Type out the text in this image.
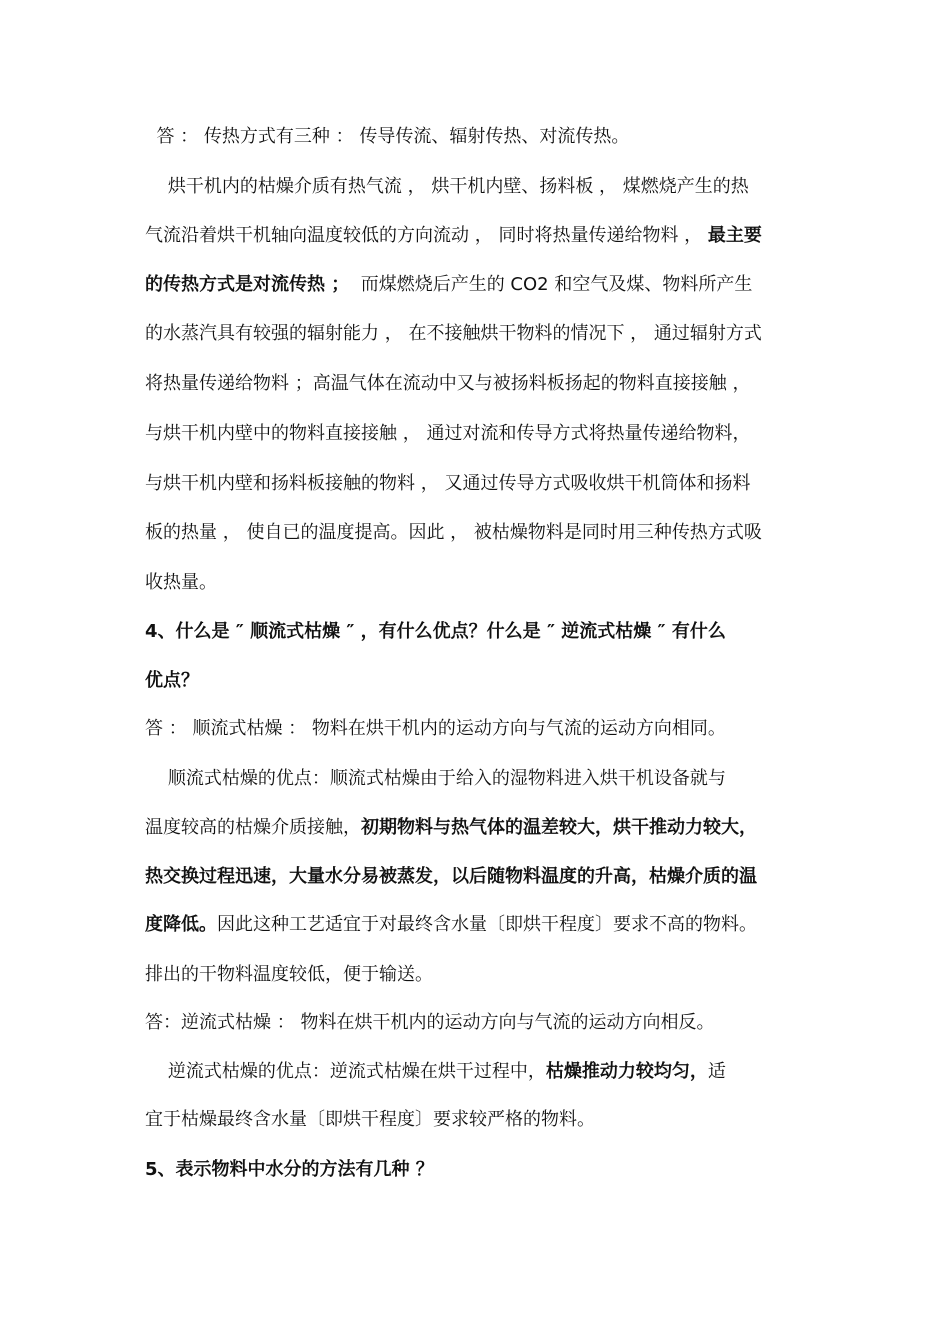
答 ： 传热方式有三种 ： 传导传流、辐射传热、对流传热。
烘干机内的枯燥介质有热气流 ， 烘干机内壁、扬料板 ， 煤燃烧产生的热
气流沿着烘干机轴向温度较低的方向流动 ， 同时将热量传递给物料 ， 最主要
的传热方式是对流传热 ；  而煤燃烧后产生的 CO2 和空气及煤、物料所产生
的水蒸汽具有较强的辐射能力 ， 在不接触烘干物料的情况下 ， 通过辐射方式
将热量传递给物料 ；高温气体在流动中又与被扬料板扬起的物料直接接触 ，
与烘干机内壁中的物料直接接触 ， 通过对流和传导方式将热量传递给物料，
与烘干机内壁和扬料板接触的物料 ， 又通过传导方式吸收烘干机筒体和扬料
板的热量 ， 使自已的温度提高。因此 ， 被枯燥物料是同时用三种传热方式吸
收热量。
4、什么是 ″ 顺流式枯燥 ″ ，有什么优点？什么是 ″ 逆流式枯燥 ″ 有什么
优点？
答 ： 顺流式枯燥 ： 物料在烘干机内的运动方向与气流的运动方向相同。
顺流式枯燥的优点：顺流式枯燥由于给入的湿物料进入烘干机设备就与
温度较高的枯燥介质接触，初期物料与热气体的温差较大，烘干推动力较大，
热交换过程迅速，大量水分易被蒸发，以后随物料温度的升高，枯燥介质的温
度降低。因此这种工艺适宜于对最终含水量〔即烘干程度〕要求不高的物料。
排出的干物料温度较低，便于输送。
答：逆流式枯燥 ： 物料在烘干机内的运动方向与气流的运动方向相反。
逆流式枯燥的优点：逆流式枯燥在烘干过程中，枯燥推动力较均匀，适
宜于枯燥最终含水量〔即烘干程度〕要求较严格的物料。
5、表示物料中水分的方法有几种 ？
